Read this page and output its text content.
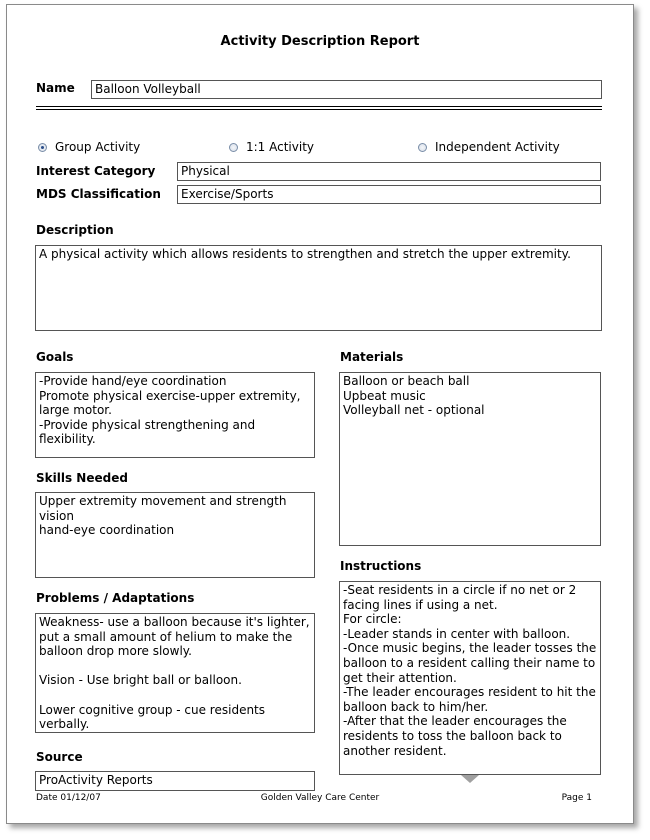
Activity Description Report
Name	Balloon Volleyball
Group Activity	1:1 Activity	Independent Activity
Interest Category	Physical
MDS Classification	Exercise/Sports
Description
A physical activity which allows residents to strengthen and stretch the upper extremity.
Goals
-Provide hand/eye coordination
Promote physical exercise-upper extremity, large motor.
-Provide physical strengthening and flexibility.
Materials
Balloon or beach ball
Upbeat music
Volleyball net - optional
Skills Needed
Upper extremity movement and strength
vision
hand-eye coordination
Instructions
-Seat residents in a circle if no net or 2 facing lines if using a net.
For circle:
-Leader stands in center with balloon.
-Once music begins, the leader tosses the balloon to a resident calling their name to get their attention.
-The leader encourages resident to hit the balloon back to him/her.
-After that the leader encourages the residents to toss the balloon back to another resident.
Problems / Adaptations
Weakness- use a balloon because it's lighter, put a small amount of helium to make the balloon drop more slowly.

Vision - Use bright ball or balloon.

Lower cognitive group - cue residents verbally.
Source
ProActivity Reports
Date 01/12/07	Golden Valley Care Center	Page 1
